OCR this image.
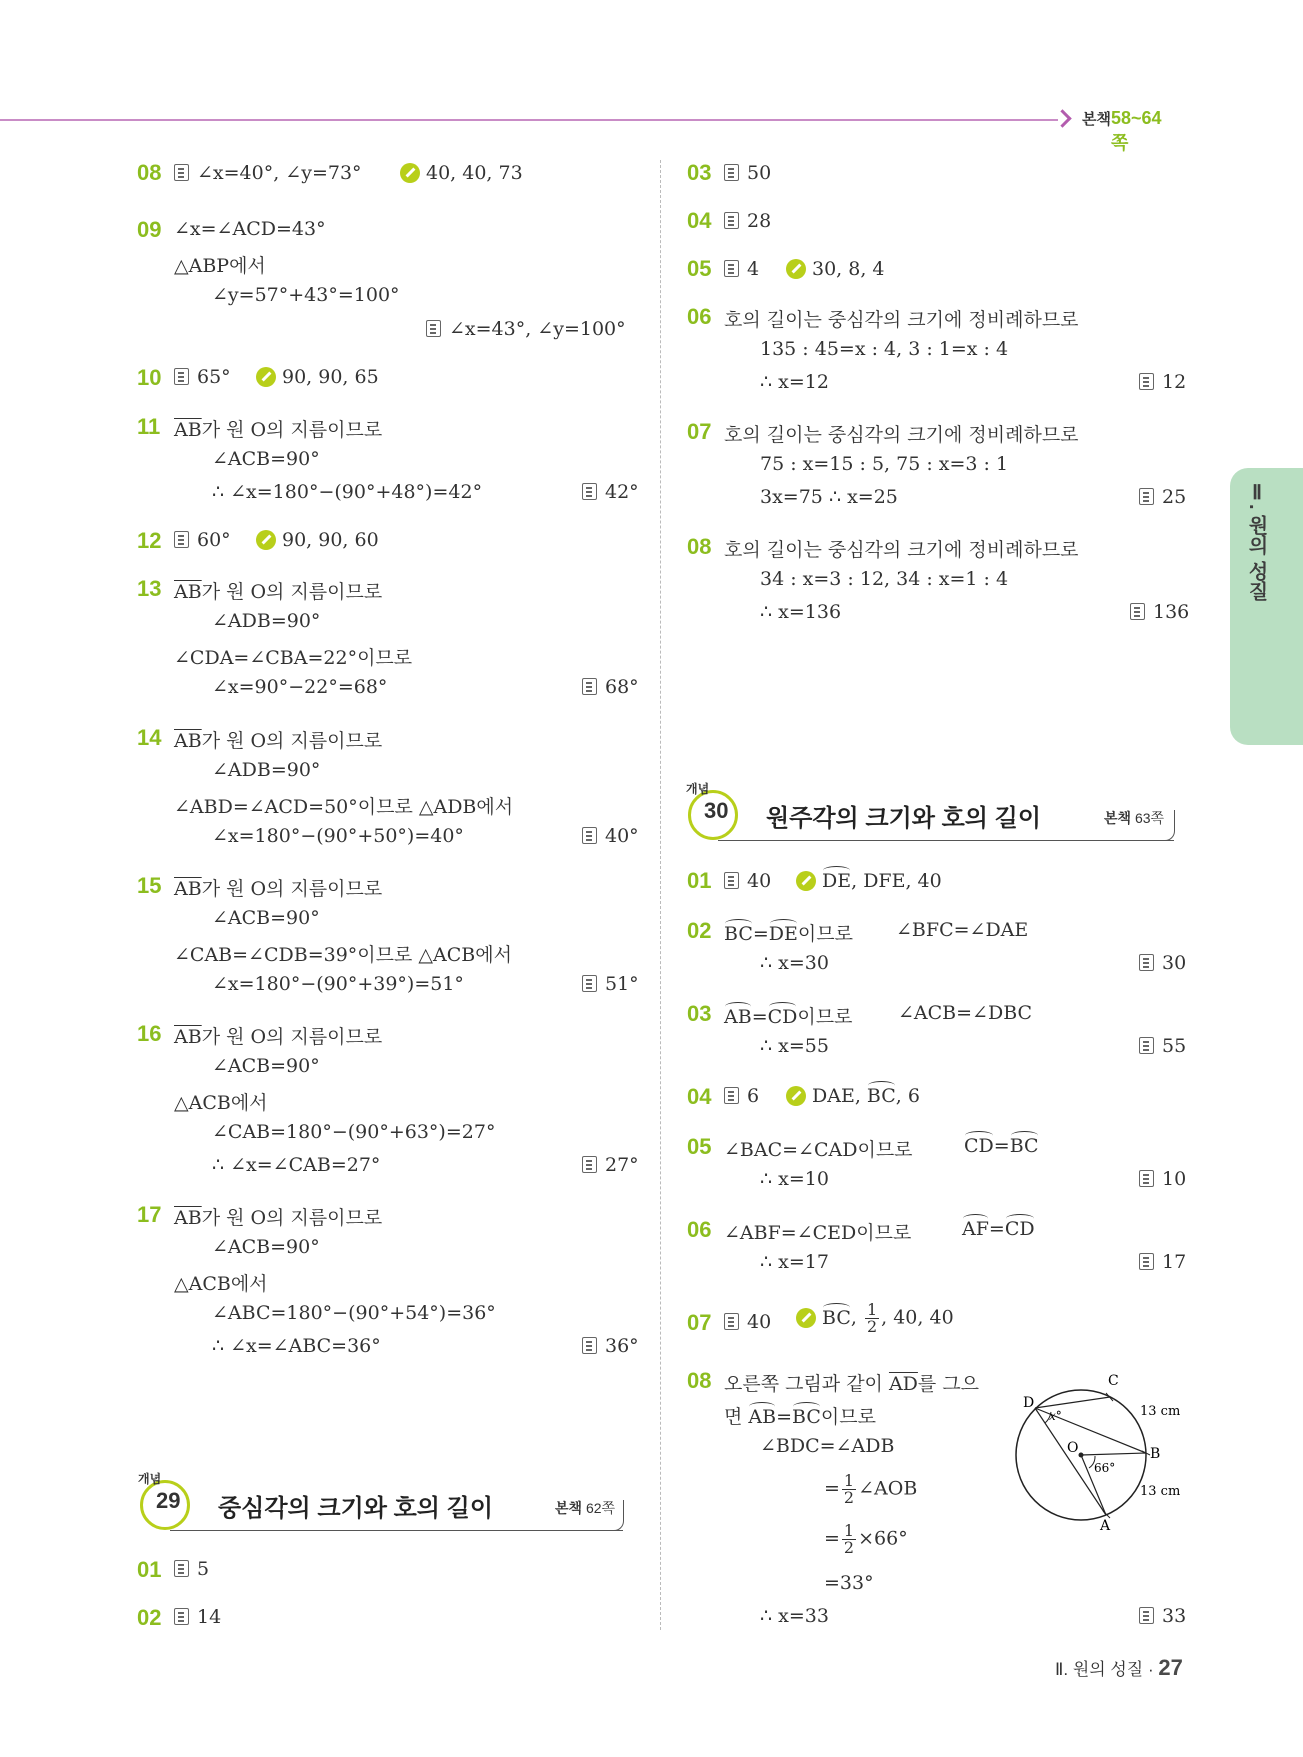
본책 58~64쪽
Ⅱ. 원의 성질
08	∠x=40°, ∠y=73°	40, 40, 73
09 ∠x=∠ACD=43°
△ABP에서
∠y=57°+43°=100°
∠x=43°, ∠y=100°
10	65°	90, 90, 65
11 $\overline{AB}$가 원 O의 지름이므로
∠ACB=90°
∴ ∠x=180°−(90°+48°)=42°	42°
12	60°	90, 90, 60
13 $\overline{AB}$가 원 O의 지름이므로
∠ADB=90°
∠CDA=∠CBA=22°이므로
∠x=90°−22°=68°	68°
14 $\overline{AB}$가 원 O의 지름이므로
∠ADB=90°
∠ABD=∠ACD=50°이므로 △ADB에서
∠x=180°−(90°+50°)=40°	40°
15 $\overline{AB}$가 원 O의 지름이므로
∠ACB=90°
∠CAB=∠CDB=39°이므로 △ACB에서
∠x=180°−(90°+39°)=51°	51°
16 $\overline{AB}$가 원 O의 지름이므로
∠ACB=90°
△ACB에서
∠CAB=180°−(90°+63°)=27°
∴ ∠x=∠CAB=27°	27°
17 $\overline{AB}$가 원 O의 지름이므로
∠ACB=90°
△ACB에서
∠ABC=180°−(90°+54°)=36°
∴ ∠x=∠ABC=36°	36°
개념
29 중심각의 크기와 호의 길이	본책 62쪽
01	5
02	14
03	50
04	28
05	4	30, 8, 4
06 호의 길이는 중심각의 크기에 정비례하므로
135 : 45=x : 4, 3 : 1=x : 4
∴ x=12	12
07 호의 길이는 중심각의 크기에 정비례하므로
75 : x=15 : 5, 75 : x=3 : 1
3x=75 ∴ x=25	25
08 호의 길이는 중심각의 크기에 정비례하므로
34 : x=3 : 12, 34 : x=1 : 4
∴ x=136	136
개념
30 원주각의 크기와 호의 길이	본책 63쪽
01	40	DE, DFE, 40
02 BC=DE이므로 ∠BFC=∠DAE
∴ x=30	30
03 AB=CD이므로 ∠ACB=∠DBC
∴ x=55	55
04	6	DAE, BC, 6
05 ∠BAC=∠CAD이므로	CD=BC
∴ x=10	10
06 ∠ABF=∠CED이므로	AF=CD
∴ x=17	17
07	40	BC, $\frac{1}{2}$ , 40, 40
08 오른쪽 그림과 같이 $\overline{AD}$를 그으
면 AB=BC이므로
∠BDC=∠ADB
= $\frac{1}{2}$ ∠AOB
= $\frac{1}{2} \times 66^\circ$
=33°
∴ x=33	33
D
O	B
A
C
x°
66°
13 cm
13 cm
Ⅱ. 원의 성질 · 27
